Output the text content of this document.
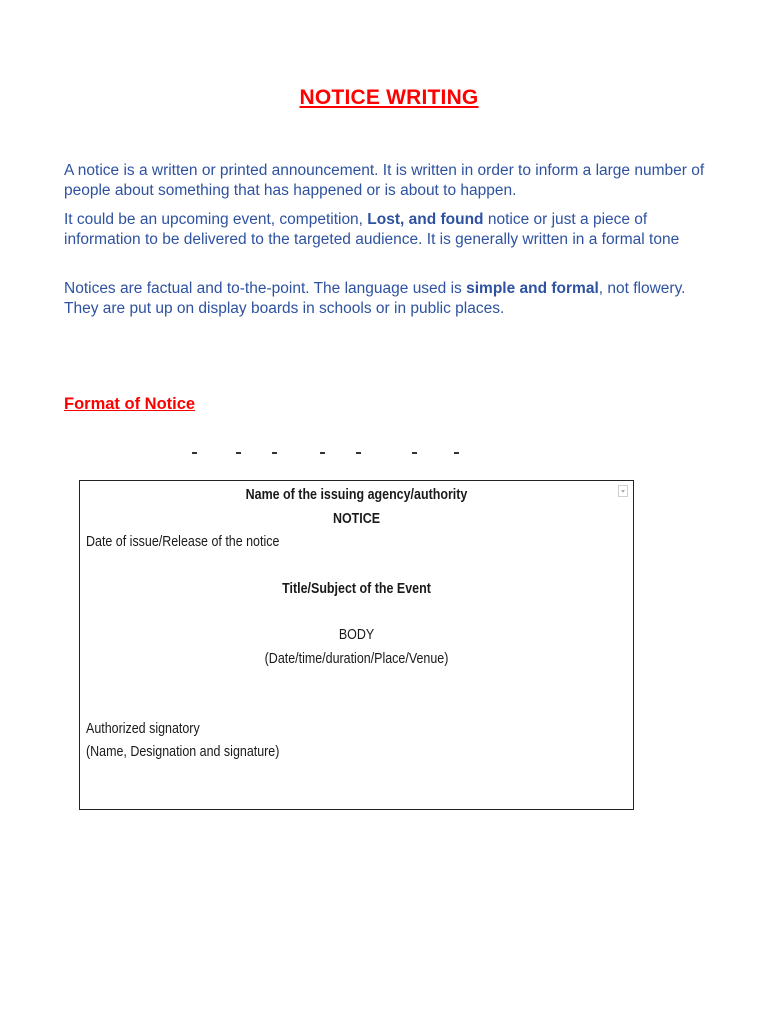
NOTICE WRITING

A notice is a written or printed announcement. It is written in order to inform a large number of people about something that has happened or is about to happen.

It could be an upcoming event, competition, Lost, and found notice or just a piece of information to be delivered to the targeted audience. It is generally written in a formal tone

Notices are factual and to-the-point. The language used is simple and formal, not flowery. They are put up on display boards in schools or in public places.

Format of Notice
Name of the issuing agency/authority
NOTICE
Date of issue/Release of the notice
Title/Subject of the Event
BODY
(Date/time/duration/Place/Venue)
Authorized signatory
(Name, Designation and signature)
